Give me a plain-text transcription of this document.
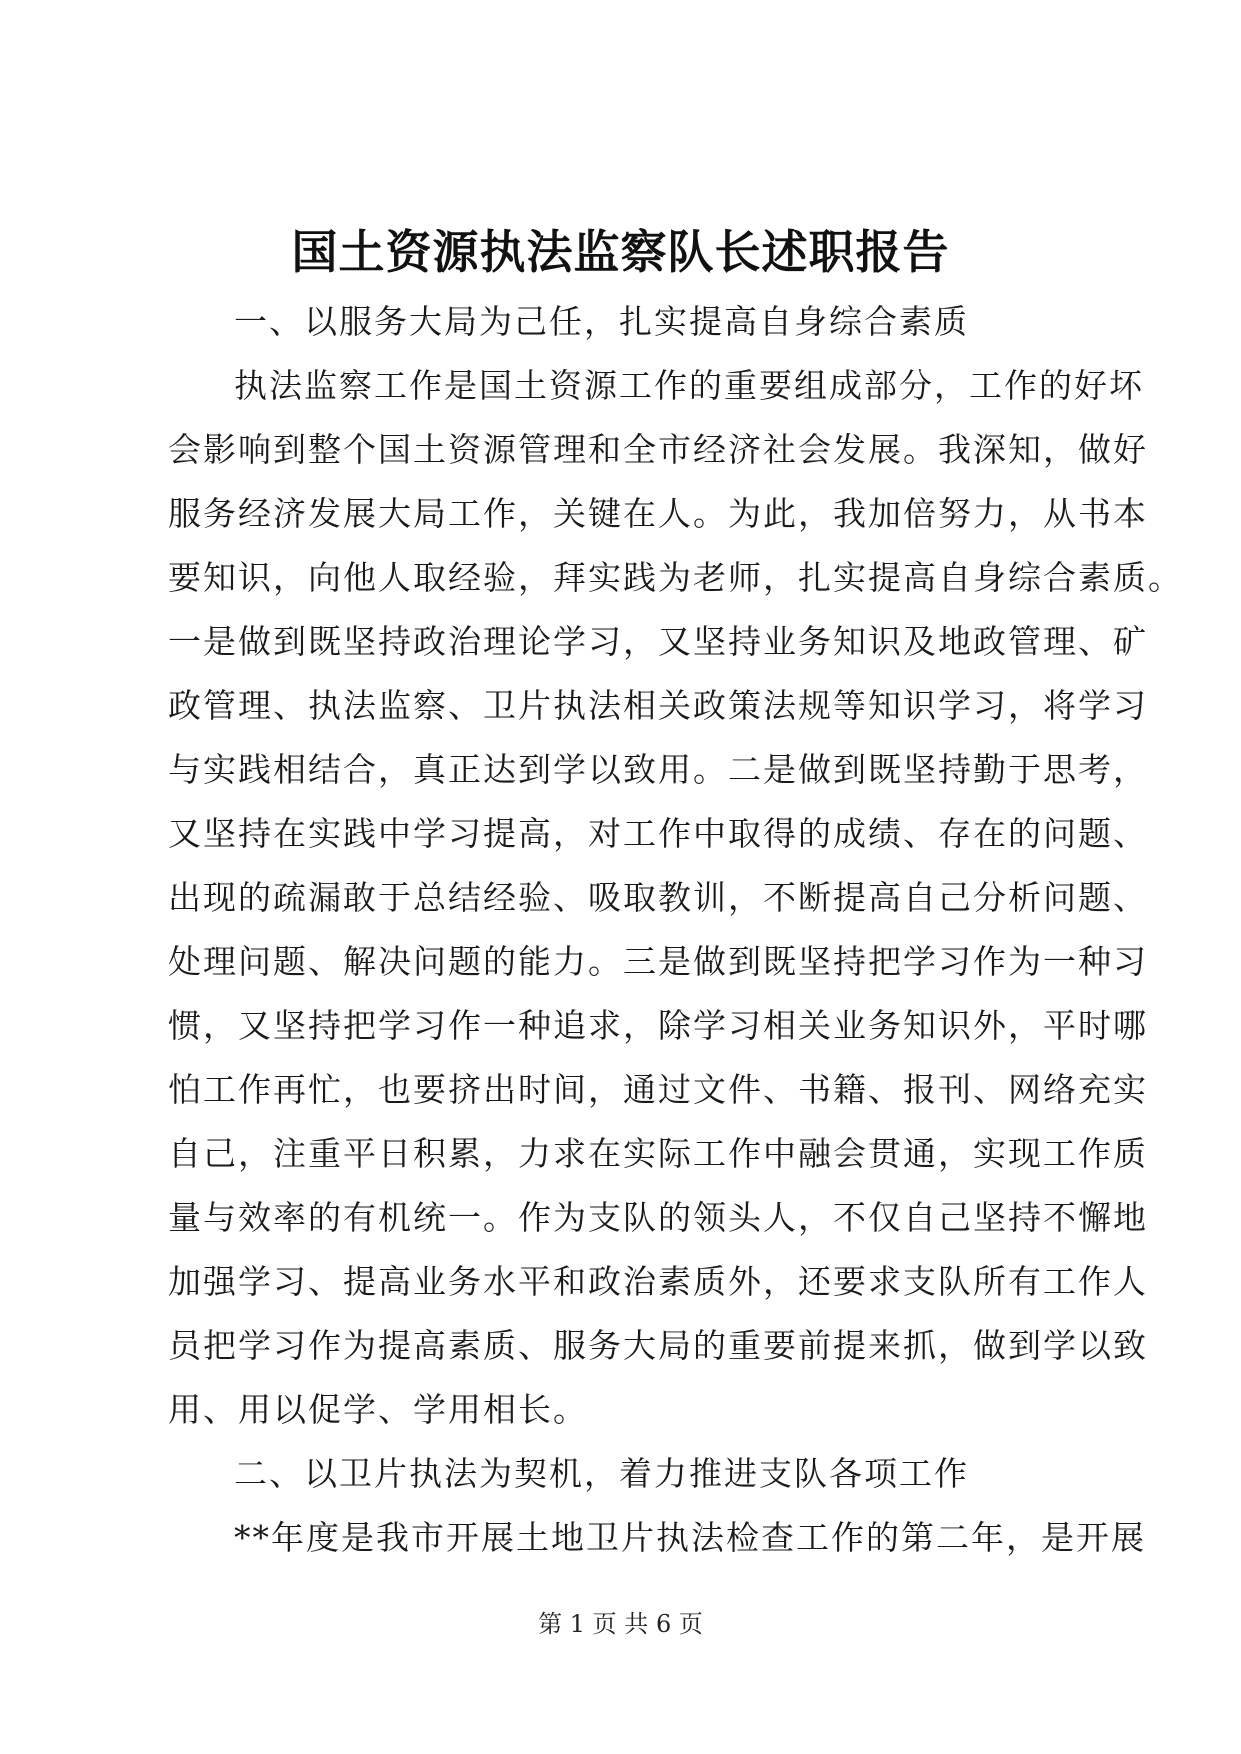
国土资源执法监察队长述职报告
一、以服务大局为己任，扎实提高自身综合素质
执法监察工作是国土资源工作的重要组成部分，工作的好坏
会影响到整个国土资源管理和全市经济社会发展。我深知，做好
服务经济发展大局工作，关键在人。为此，我加倍努力，从书本
要知识，向他人取经验，拜实践为老师，扎实提高自身综合素质。
一是做到既坚持政治理论学习，又坚持业务知识及地政管理、矿
政管理、执法监察、卫片执法相关政策法规等知识学习，将学习
与实践相结合，真正达到学以致用。二是做到既坚持勤于思考，
又坚持在实践中学习提高，对工作中取得的成绩、存在的问题、
出现的疏漏敢于总结经验、吸取教训，不断提高自己分析问题、
处理问题、解决问题的能力。三是做到既坚持把学习作为一种习
惯，又坚持把学习作一种追求，除学习相关业务知识外，平时哪
怕工作再忙，也要挤出时间，通过文件、书籍、报刊、网络充实
自己，注重平日积累，力求在实际工作中融会贯通，实现工作质
量与效率的有机统一。作为支队的领头人，不仅自己坚持不懈地
加强学习、提高业务水平和政治素质外，还要求支队所有工作人
员把学习作为提高素质、服务大局的重要前提来抓，做到学以致
用、用以促学、学用相长。
二、以卫片执法为契机，着力推进支队各项工作
**年度是我市开展土地卫片执法检查工作的第二年，是开展
第 1 页 共 6 页
